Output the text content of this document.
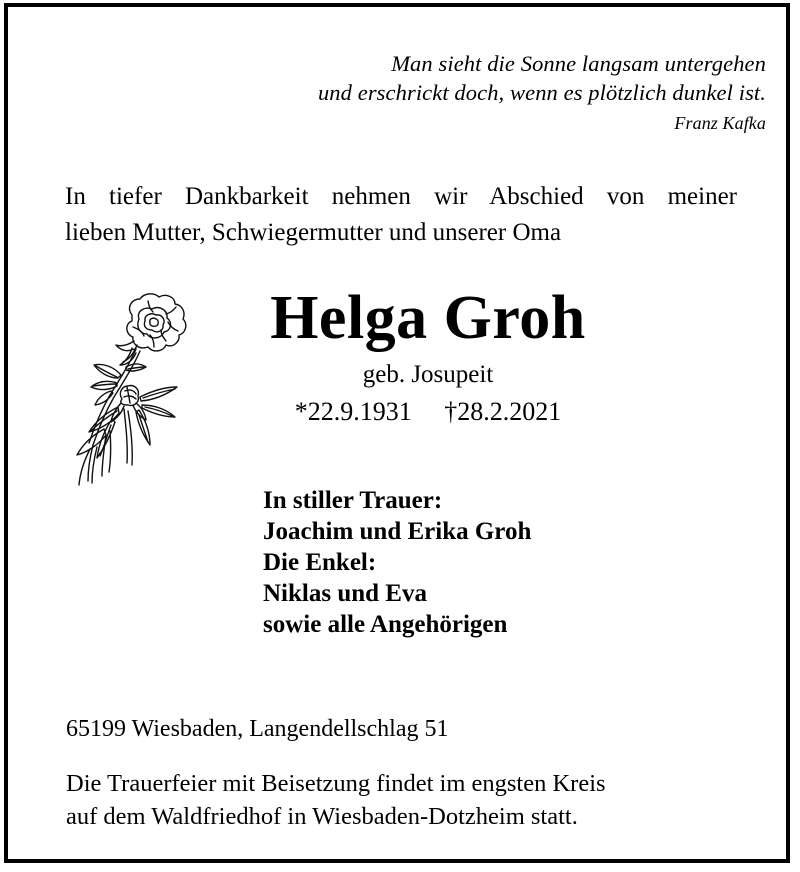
Man sieht die Sonne langsam untergehen
und erschrickt doch, wenn es plötzlich dunkel ist.
Franz Kafka
In tiefer Dankbarkeit nehmen wir Abschied von meiner
lieben Mutter, Schwiegermutter und unserer Oma
Helga Groh
geb. Josupeit
*22.9.1931     †28.2.2021
In stiller Trauer:
Joachim und Erika Groh
Die Enkel:
Niklas und Eva
sowie alle Angehörigen
65199 Wiesbaden, Langendellschlag 51
Die Trauerfeier mit Beisetzung findet im engsten Kreis
auf dem Waldfriedhof in Wiesbaden-Dotzheim statt.
